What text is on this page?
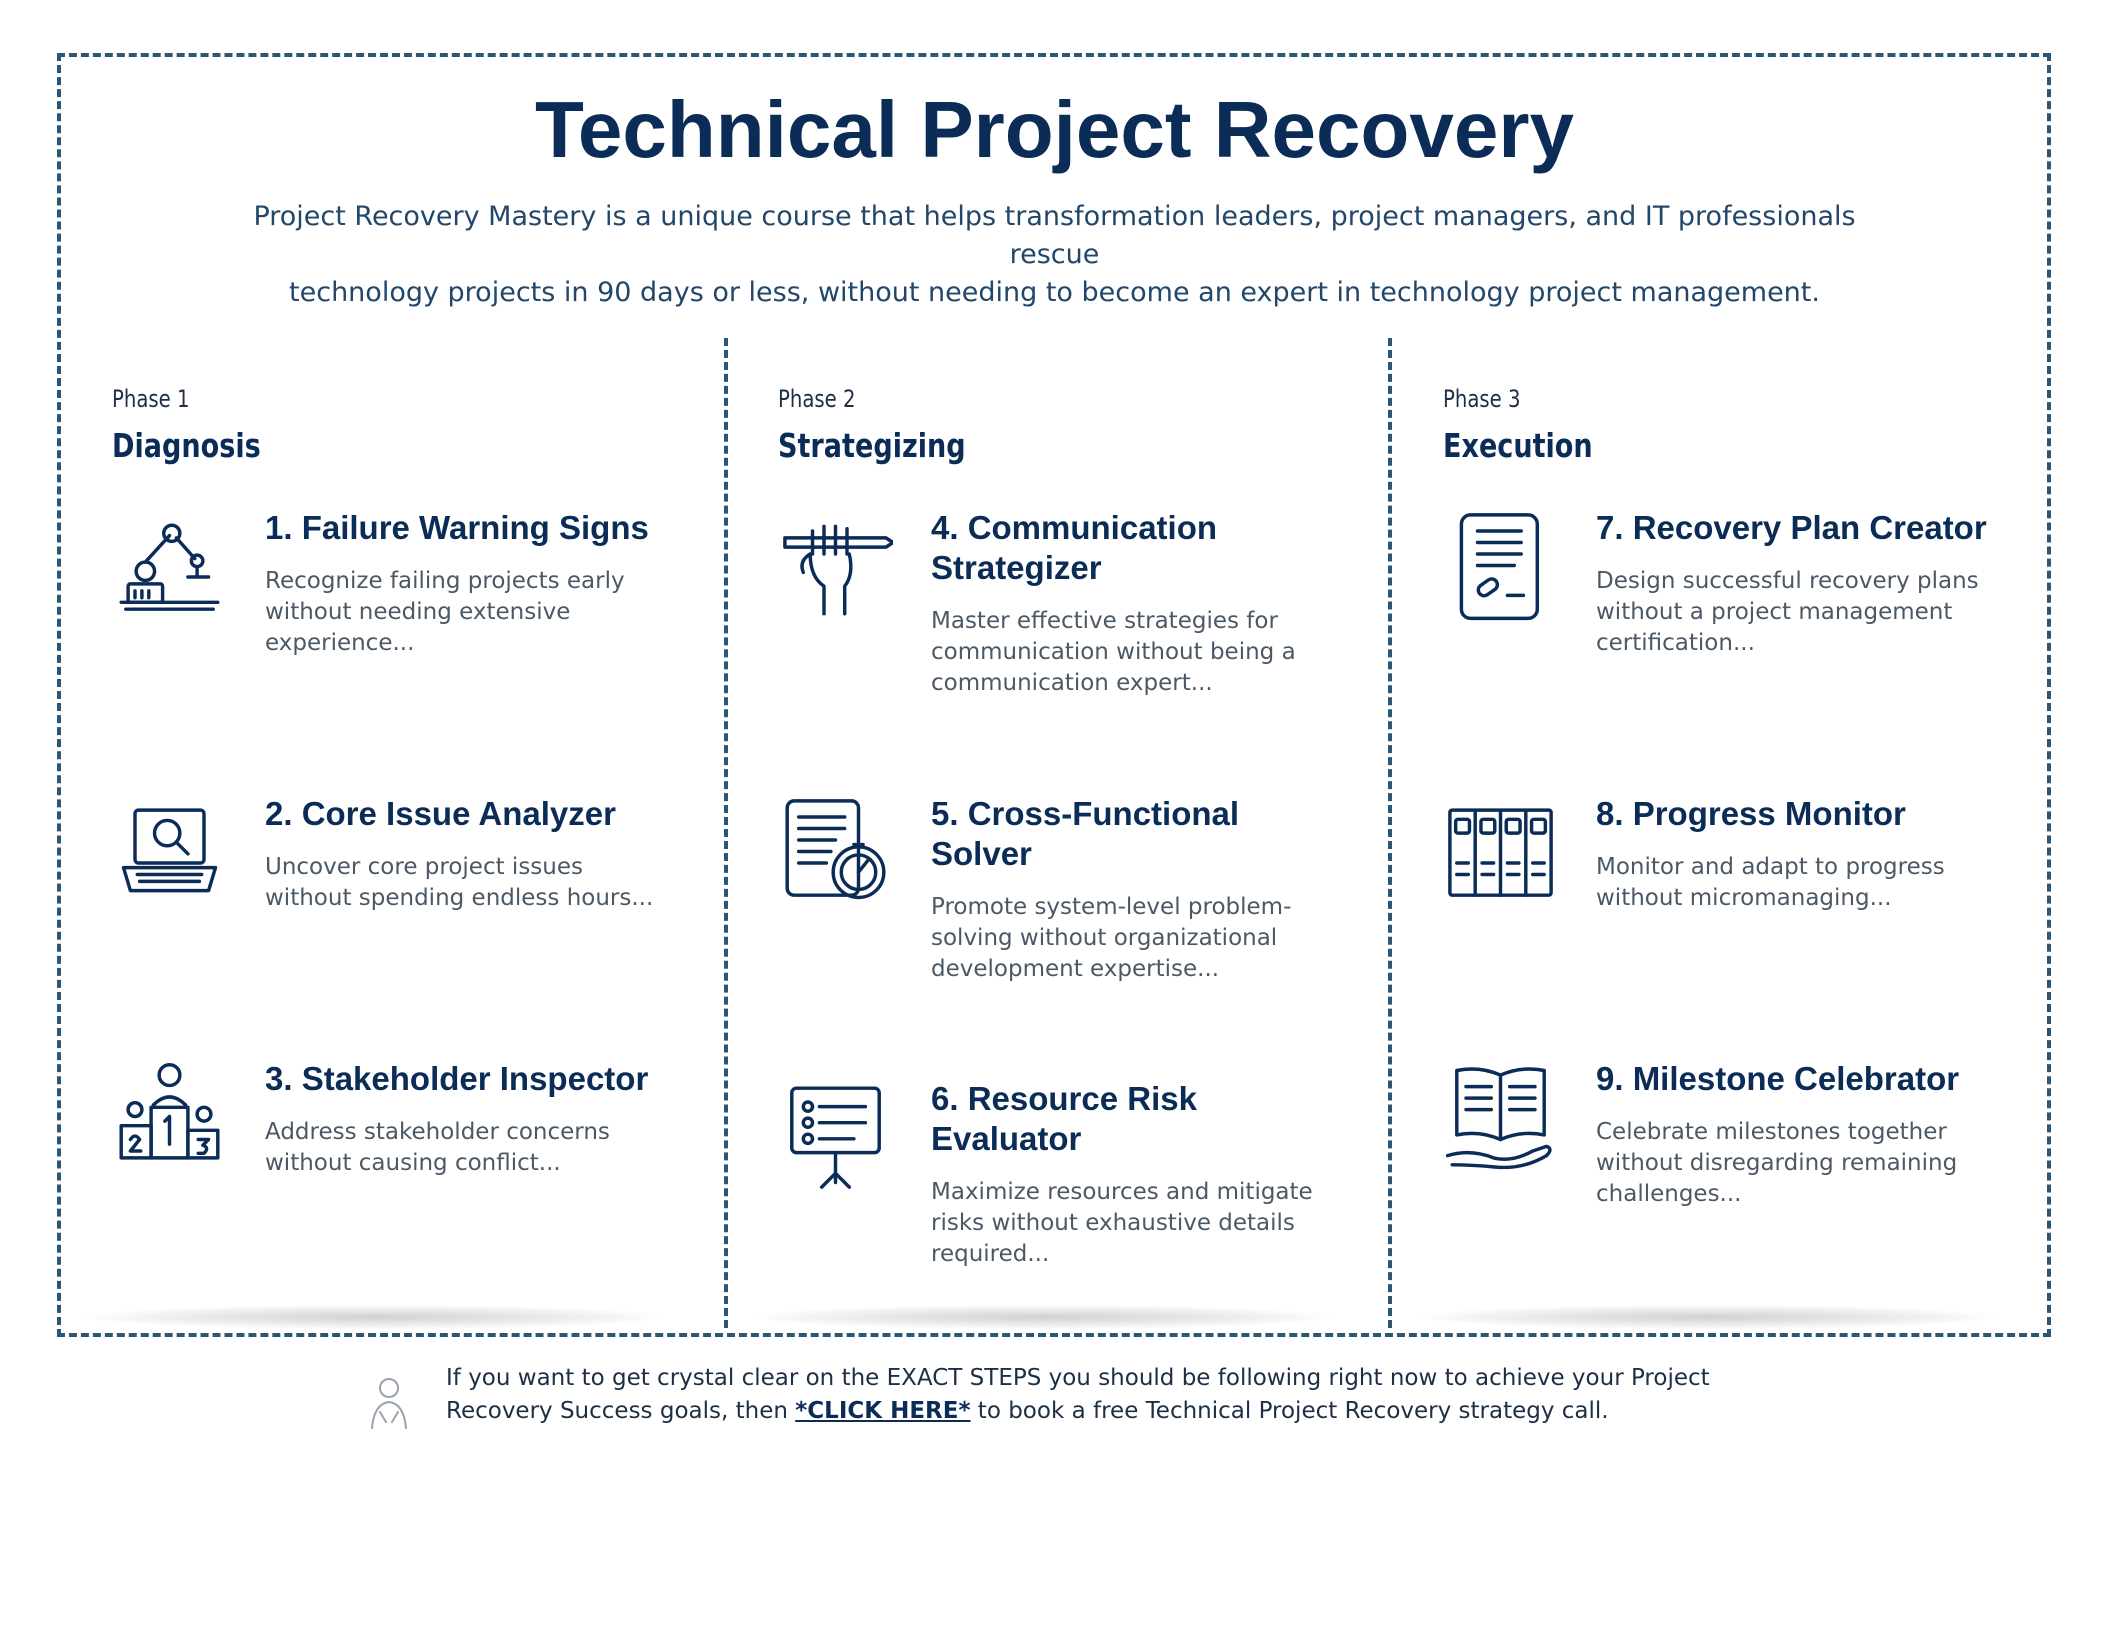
Technical Project Recovery

Project Recovery Mastery is a unique course that helps transformation leaders, project managers, and IT professionals rescue
technology projects in 90 days or less, without needing to become an expert in technology project management.

Phase 1
Diagnosis

1. Failure Warning Signs

Recognize failing projects early without needing extensive experience...

2. Core Issue Analyzer

Uncover core project issues without spending endless hours...

3. Stakeholder Inspector

Address stakeholder concerns without causing conflict...

Phase 2
Strategizing

4. Communication Strategizer

Master effective strategies for communication without being a communication expert...

5. Cross-Functional Solver

Promote system-level problem-solving without organizational development expertise...

6. Resource Risk Evaluator

Maximize resources and mitigate risks without exhaustive details required...

Phase 3
Execution

7. Recovery Plan Creator

Design successful recovery plans without a project management certification...

8. Progress Monitor

Monitor and adapt to progress without micromanaging...

9. Milestone Celebrator

Celebrate milestones together without disregarding remaining challenges...

If you want to get crystal clear on the EXACT STEPS you should be following right now to achieve your Project Recovery Success goals, then *CLICK HERE* to book a free Technical Project Recovery strategy call.
